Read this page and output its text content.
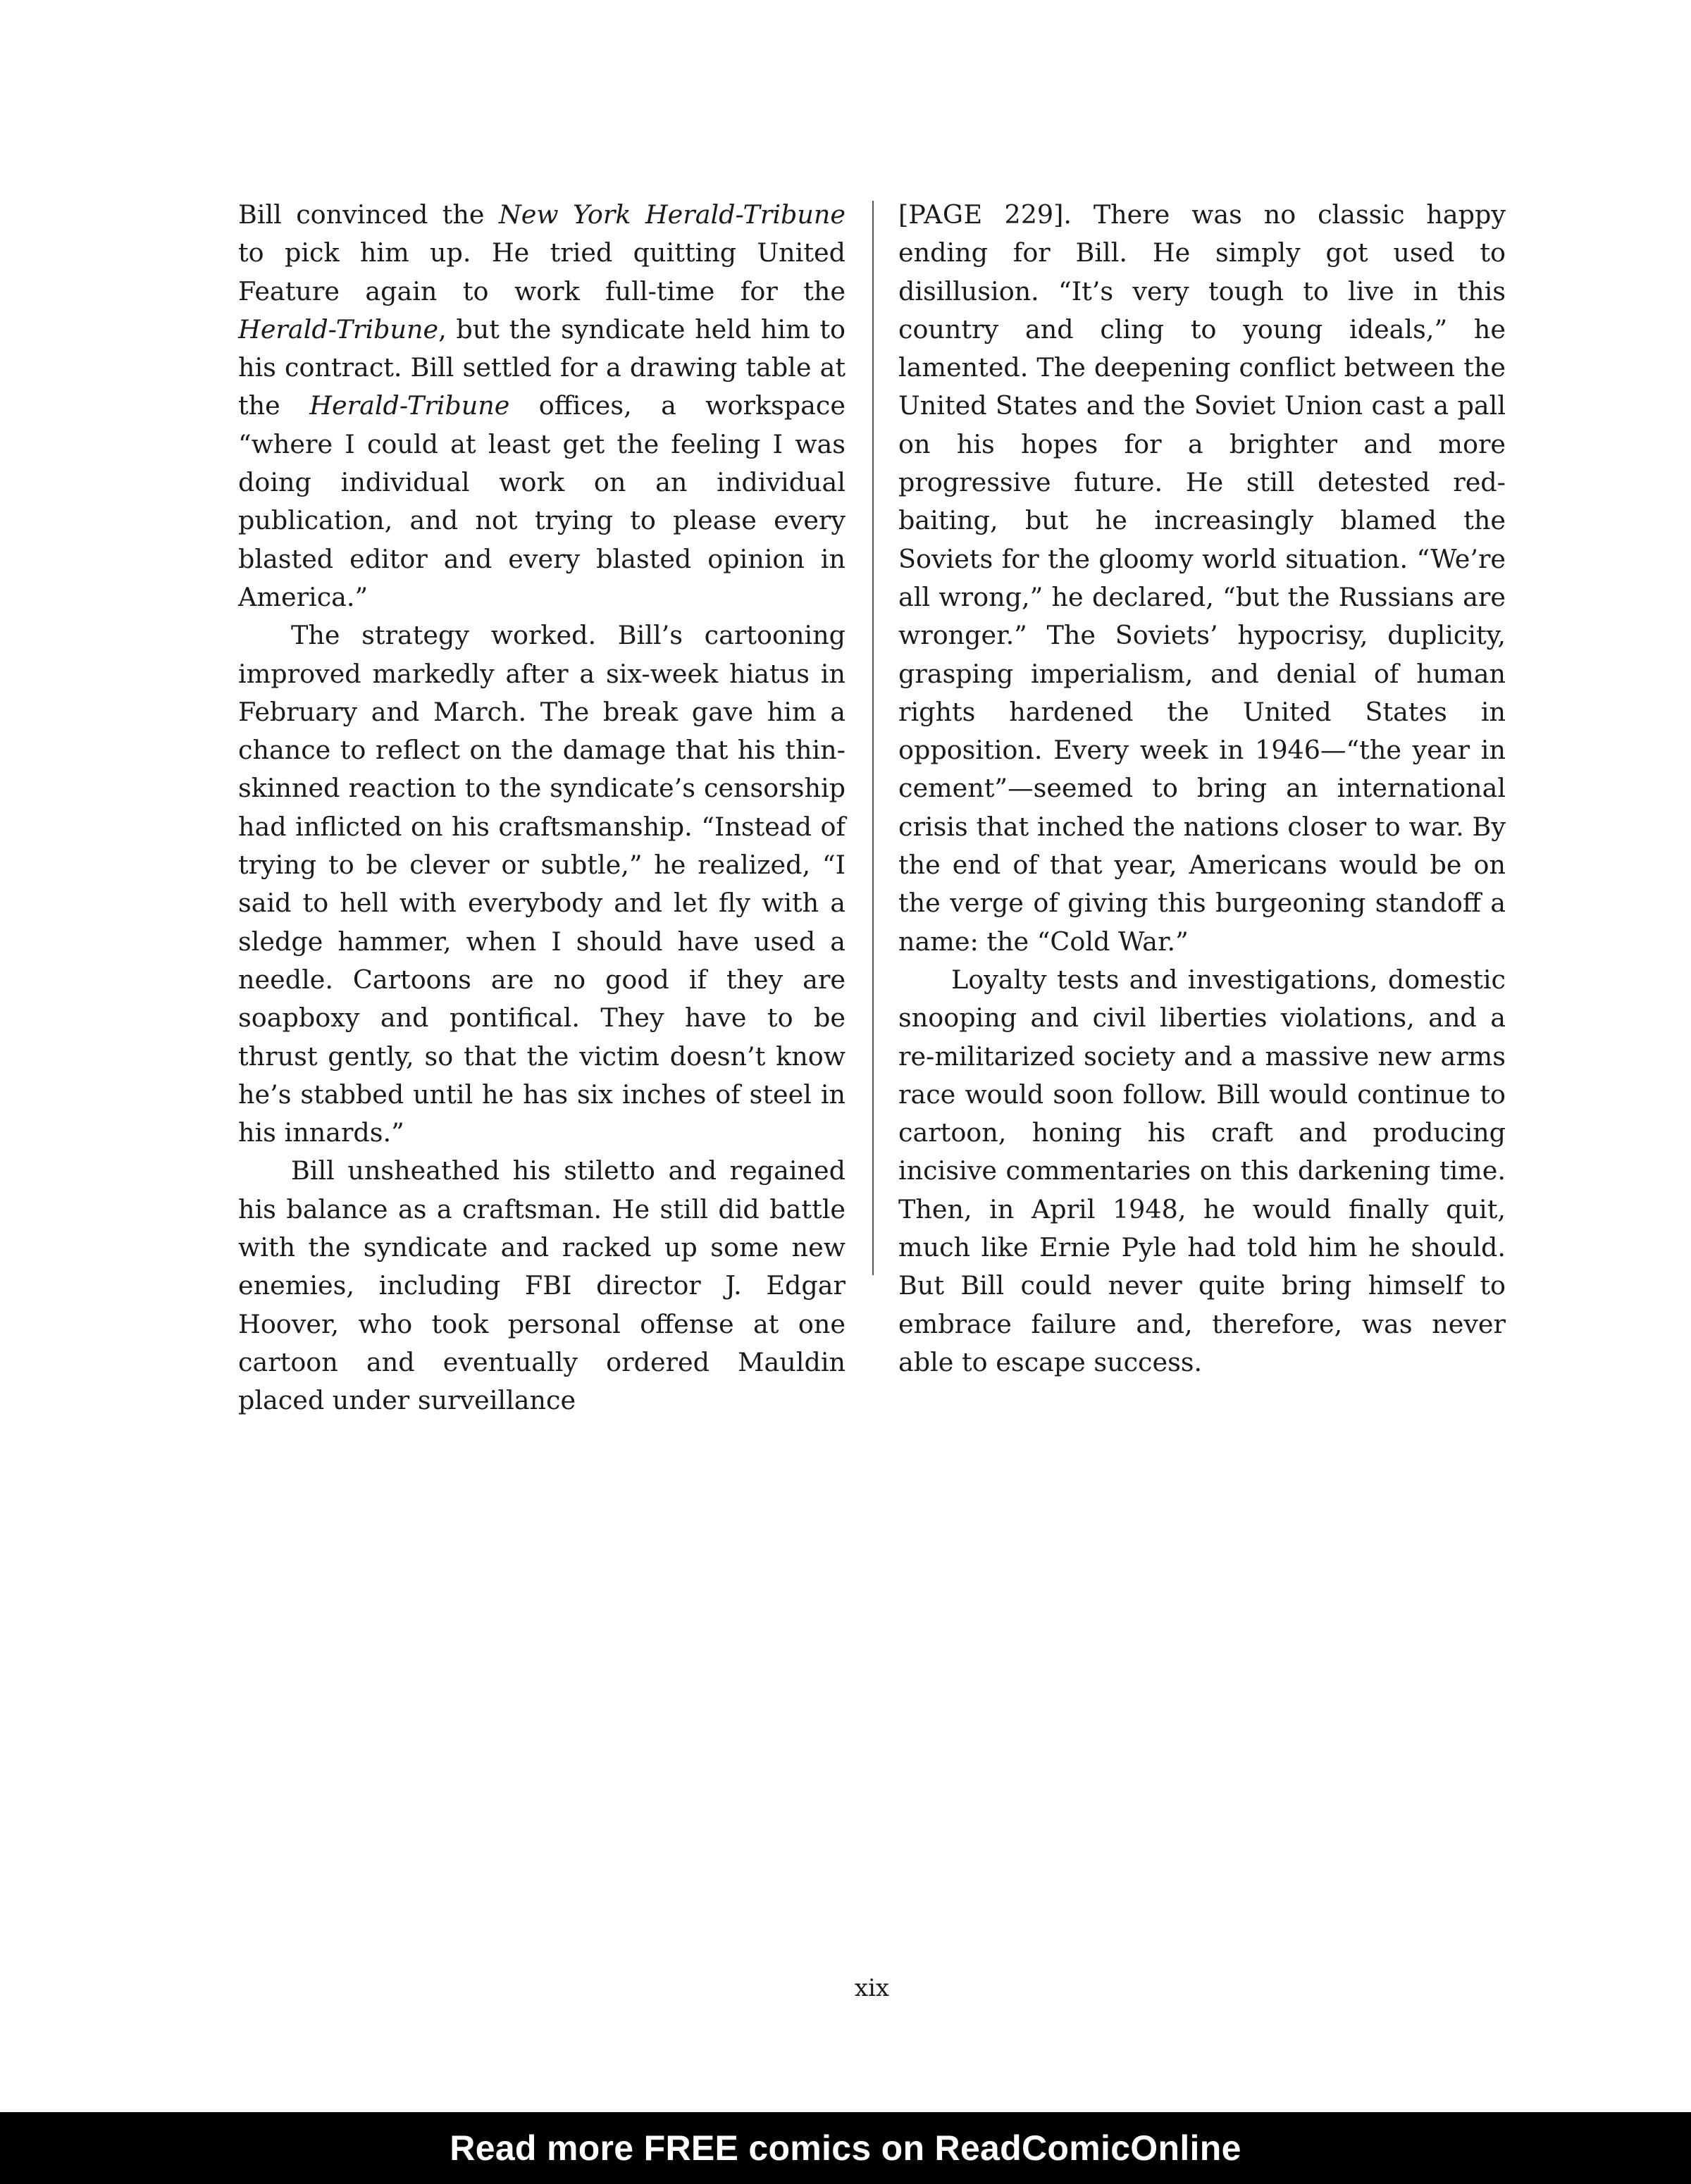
Bill convinced the New York Herald-Tribune to pick him up. He tried quitting United Feature again to work full-time for the Herald-Tribune, but the syndicate held him to his contract. Bill settled for a drawing table at the Herald-Tribune offices, a workspace “where I could at least get the feeling I was doing individual work on an individual publication, and not trying to please every blasted editor and every blasted opinion in America.”

The strategy worked. Bill’s cartooning improved markedly after a six-week hiatus in February and March. The break gave him a chance to reflect on the damage that his thin-skinned reaction to the syndicate’s censorship had inflicted on his craftsmanship. “Instead of trying to be clever or subtle,” he realized, “I said to hell with everybody and let fly with a sledge hammer, when I should have used a needle. Cartoons are no good if they are soapboxy and pontifical. They have to be thrust gently, so that the victim doesn’t know he’s stabbed until he has six inches of steel in his innards.”

Bill unsheathed his stiletto and regained his balance as a craftsman. He still did battle with the syndicate and racked up some new enemies, including FBI director J. Edgar Hoover, who took personal offense at one cartoon and eventually ordered Mauldin placed under surveillance

[PAGE 229]. There was no classic happy ending for Bill. He simply got used to disillusion. “It’s very tough to live in this country and cling to young ideals,” he lamented. The deepening conflict between the United States and the Soviet Union cast a pall on his hopes for a brighter and more progressive future. He still detested red-baiting, but he increasingly blamed the Soviets for the gloomy world situation. “We’re all wrong,” he declared, “but the Russians are wronger.” The Soviets’ hypocrisy, duplicity, grasping imperialism, and denial of human rights hardened the United States in opposition. Every week in 1946—“the year in cement”—seemed to bring an international crisis that inched the nations closer to war. By the end of that year, Americans would be on the verge of giving this burgeoning standoff a name: the “Cold War.”

Loyalty tests and investigations, domestic snooping and civil liberties violations, and a re-militarized society and a massive new arms race would soon follow. Bill would continue to cartoon, honing his craft and producing incisive commentaries on this darkening time. Then, in April 1948, he would finally quit, much like Ernie Pyle had told him he should. But Bill could never quite bring himself to embrace failure and, therefore, was never able to escape success.

xix
Read more FREE comics on ReadComicOnline
